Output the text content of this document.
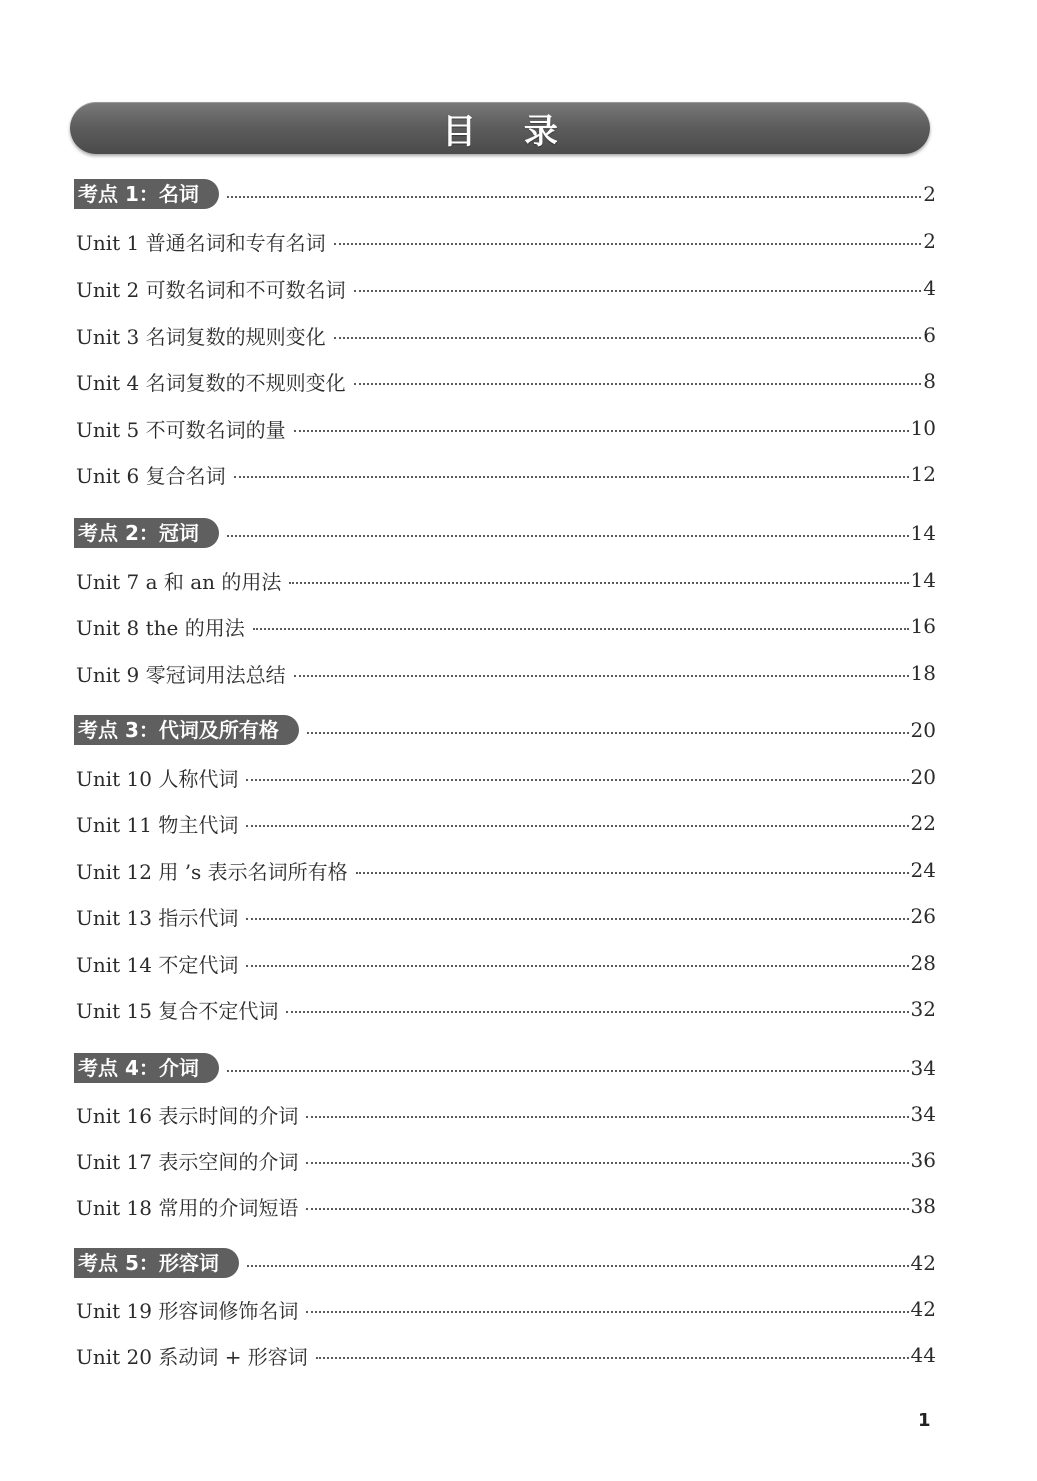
目 录
考点 1：名词	2
Unit 1 普通名词和专有名词	2
Unit 2 可数名词和不可数名词	4
Unit 3 名词复数的规则变化	6
Unit 4 名词复数的不规则变化	8
Unit 5 不可数名词的量	10
Unit 6 复合名词	12
考点 2：冠词	14
Unit 7 a 和 an 的用法	14
Unit 8 the 的用法	16
Unit 9 零冠词用法总结	18
考点 3：代词及所有格	20
Unit 10 人称代词	20
Unit 11 物主代词	22
Unit 12 用 ’s 表示名词所有格	24
Unit 13 指示代词	26
Unit 14 不定代词	28
Unit 15 复合不定代词	32
考点 4：介词	34
Unit 16 表示时间的介词	34
Unit 17 表示空间的介词	36
Unit 18 常用的介词短语	38
考点 5：形容词	42
Unit 19 形容词修饰名词	42
Unit 20 系动词 + 形容词	44
1
